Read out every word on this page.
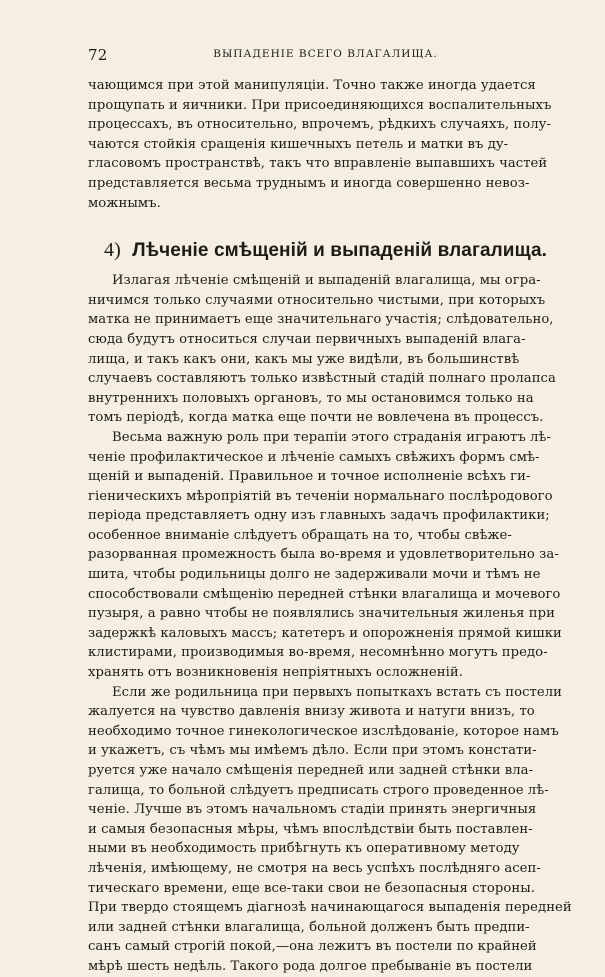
72	ВЫПАДЕНІЕ ВСЕГО ВЛАГАЛИЩА.
чающимся при этой манипуляціи. Точно также иногда удается
прощупать и яичники. При присоединяющихся воспалительныхъ
процессахъ, въ относительно, впрочемъ, рѣдкихъ случаяхъ, полу-
чаются стойкія сращенія кишечныхъ петель и матки въ ду-
гласовомъ пространствѣ, такъ что вправленіе выпавшихъ частей
представляется весьма труднымъ и иногда совершенно невоз-
можнымъ.
4) Лѣченіе смѣщеній и выпаденій влагалища.
Излагая лѣченіе смѣщеній и выпаденій влагалища, мы огра-
ничимся только случаями относительно чистыми, при которыхъ
матка не принимаетъ еще значительнаго участія; слѣдовательно,
сюда будутъ относиться случаи первичныхъ выпаденій влага-
лища, и такъ какъ они, какъ мы уже видѣли, въ большинствѣ
случаевъ составляютъ только извѣстный стадій полнаго пролапса
внутреннихъ половыхъ органовъ, то мы остановимся только на
томъ періодѣ, когда матка еще почти не вовлечена въ процессъ.
Весьма важную роль при терапіи этого страданія играютъ лѣ-
ченіе профилактическое и лѣченіе самыхъ свѣжихъ формъ смѣ-
щеній и выпаденій. Правильное и точное исполненіе всѣхъ ги-
гіеническихъ мѣропріятій въ теченіи нормальнаго послѣродового
періода представляетъ одну изъ главныхъ задачъ профилактики;
особенное вниманіе слѣдуетъ обращать на то, чтобы свѣже-
разорванная промежность была во-время и удовлетворительно за-
шита, чтобы родильницы долго не задерживали мочи и тѣмъ не
способствовали смѣщенію передней стѣнки влагалища и мочевого
пузыря, а равно чтобы не появлялись значительныя жиленья при
задержкѣ каловыхъ массъ; катетеръ и опорожненія прямой кишки
клистирами, производимыя во-время, несомнѣнно могутъ предо-
хранять отъ возникновенія непріятныхъ осложненій.
Если же родильница при первыхъ попыткахъ встать съ постели
жалуется на чувство давленія внизу живота и натуги внизъ, то
необходимо точное гинекологическое изслѣдованіе, которое намъ
и укажетъ, съ чѣмъ мы имѣемъ дѣло. Если при этомъ констати-
руется уже начало смѣщенія передней или задней стѣнки вла-
галища, то больной слѣдуетъ предписать строго проведенное лѣ-
ченіе. Лучше въ этомъ начальномъ стадіи принять энергичныя
и самыя безопасныя мѣры, чѣмъ впослѣдствіи быть поставлен-
ными въ необходимость прибѣгнуть къ оперативному методу
лѣченія, имѣющему, не смотря на весь успѣхъ послѣдняго асеп-
тическаго времени, еще все-таки свои не безопасныя стороны.
При твердо стоящемъ діагнозѣ начинающагося выпаденія передней
или задней стѣнки влагалища, больной долженъ быть предпи-
санъ самый строгій покой,—она лежитъ въ постели по крайней
мѣрѣ шесть недѣль. Такого рода долгое пребываніе въ постели
